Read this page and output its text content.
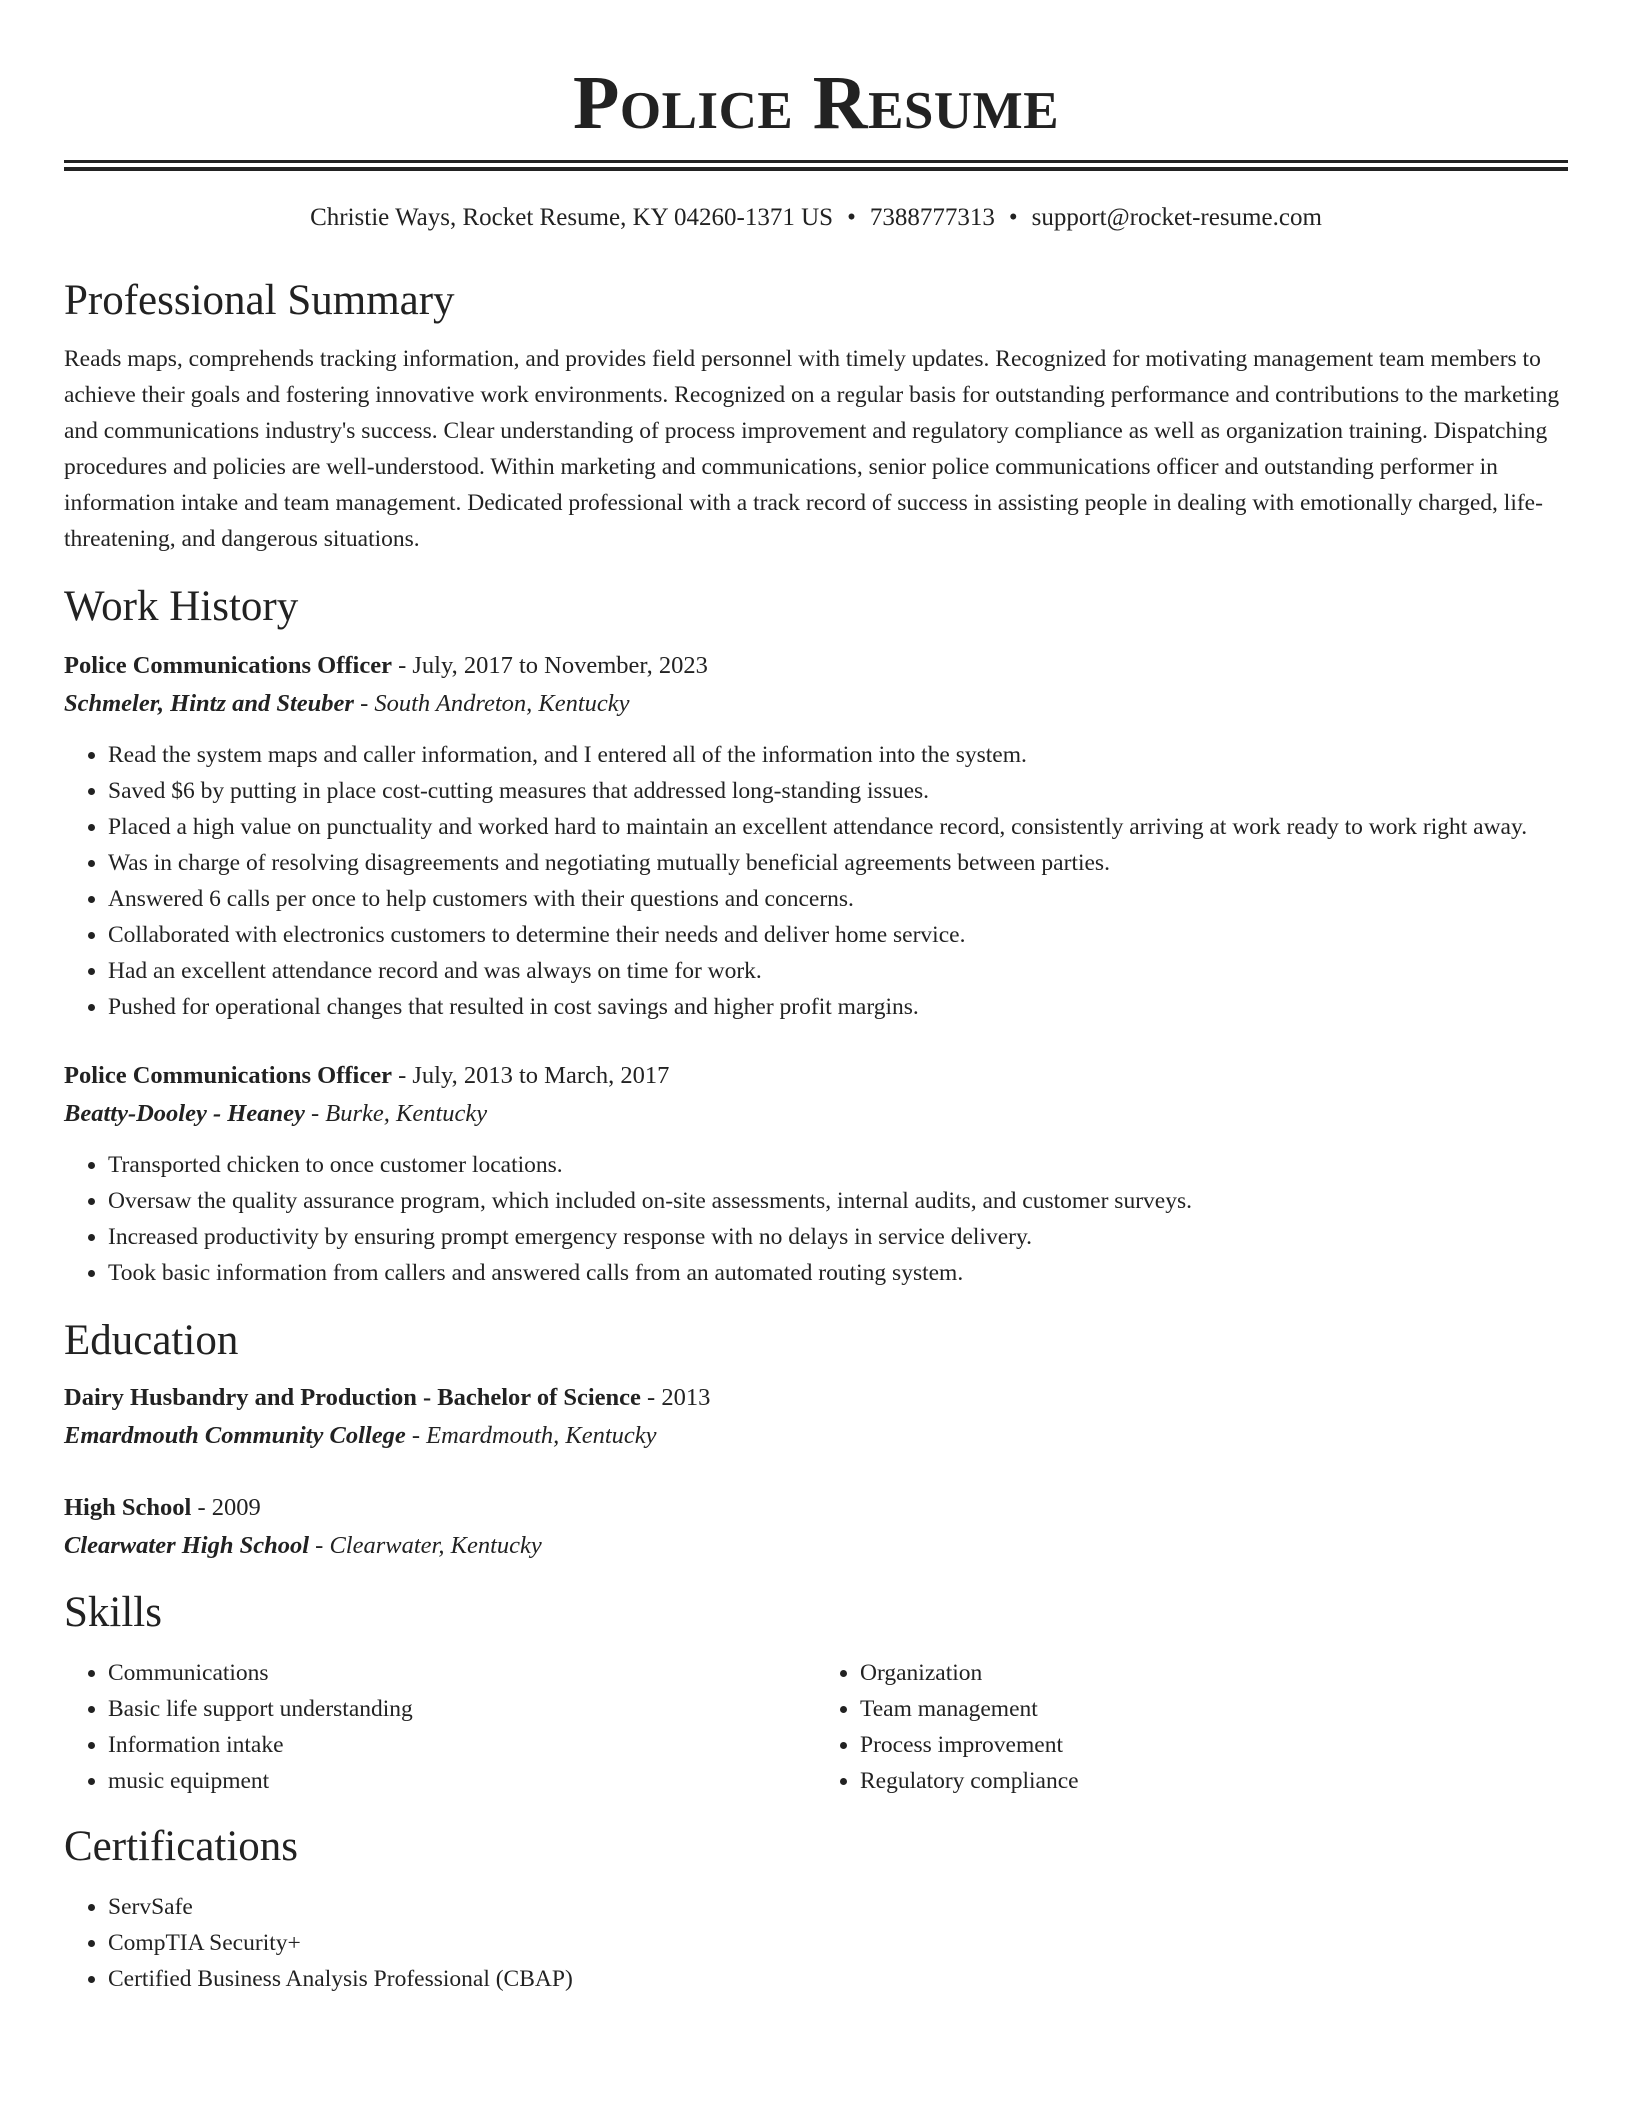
Police Resume
Christie Ways, Rocket Resume, KY 04260-1371 US • 7388777313 • support@rocket-resume.com
Professional Summary

Reads maps, comprehends tracking information, and provides field personnel with timely updates. Recognized for motivating management team members to achieve their goals and fostering innovative work environments. Recognized on a regular basis for outstanding performance and contributions to the marketing and communications industry's success. Clear understanding of process improvement and regulatory compliance as well as organization training. Dispatching procedures and policies are well-understood. Within marketing and communications, senior police communications officer and outstanding performer in information intake and team management. Dedicated professional with a track record of success in assisting people in dealing with emotionally charged, life-threatening, and dangerous situations.

Work History
Police Communications Officer - July, 2017 to November, 2023
Schmeler, Hintz and Steuber - South Andreton, Kentucky
• Read the system maps and caller information, and I entered all of the information into the system.
• Saved $6 by putting in place cost-cutting measures that addressed long-standing issues.
• Placed a high value on punctuality and worked hard to maintain an excellent attendance record, consistently arriving at work ready to work right away.
• Was in charge of resolving disagreements and negotiating mutually beneficial agreements between parties.
• Answered 6 calls per once to help customers with their questions and concerns.
• Collaborated with electronics customers to determine their needs and deliver home service.
• Had an excellent attendance record and was always on time for work.
• Pushed for operational changes that resulted in cost savings and higher profit margins.
Police Communications Officer - July, 2013 to March, 2017
Beatty-Dooley - Heaney - Burke, Kentucky
• Transported chicken to once customer locations.
• Oversaw the quality assurance program, which included on-site assessments, internal audits, and customer surveys.
• Increased productivity by ensuring prompt emergency response with no delays in service delivery.
• Took basic information from callers and answered calls from an automated routing system.
Education
Dairy Husbandry and Production - Bachelor of Science - 2013
Emardmouth Community College - Emardmouth, Kentucky
High School - 2009
Clearwater High School - Clearwater, Kentucky
Skills
• Communications
• Basic life support understanding
• Information intake
• music equipment
• Organization
• Team management
• Process improvement
• Regulatory compliance
Certifications
• ServSafe
• CompTIA Security+
• Certified Business Analysis Professional (CBAP)
